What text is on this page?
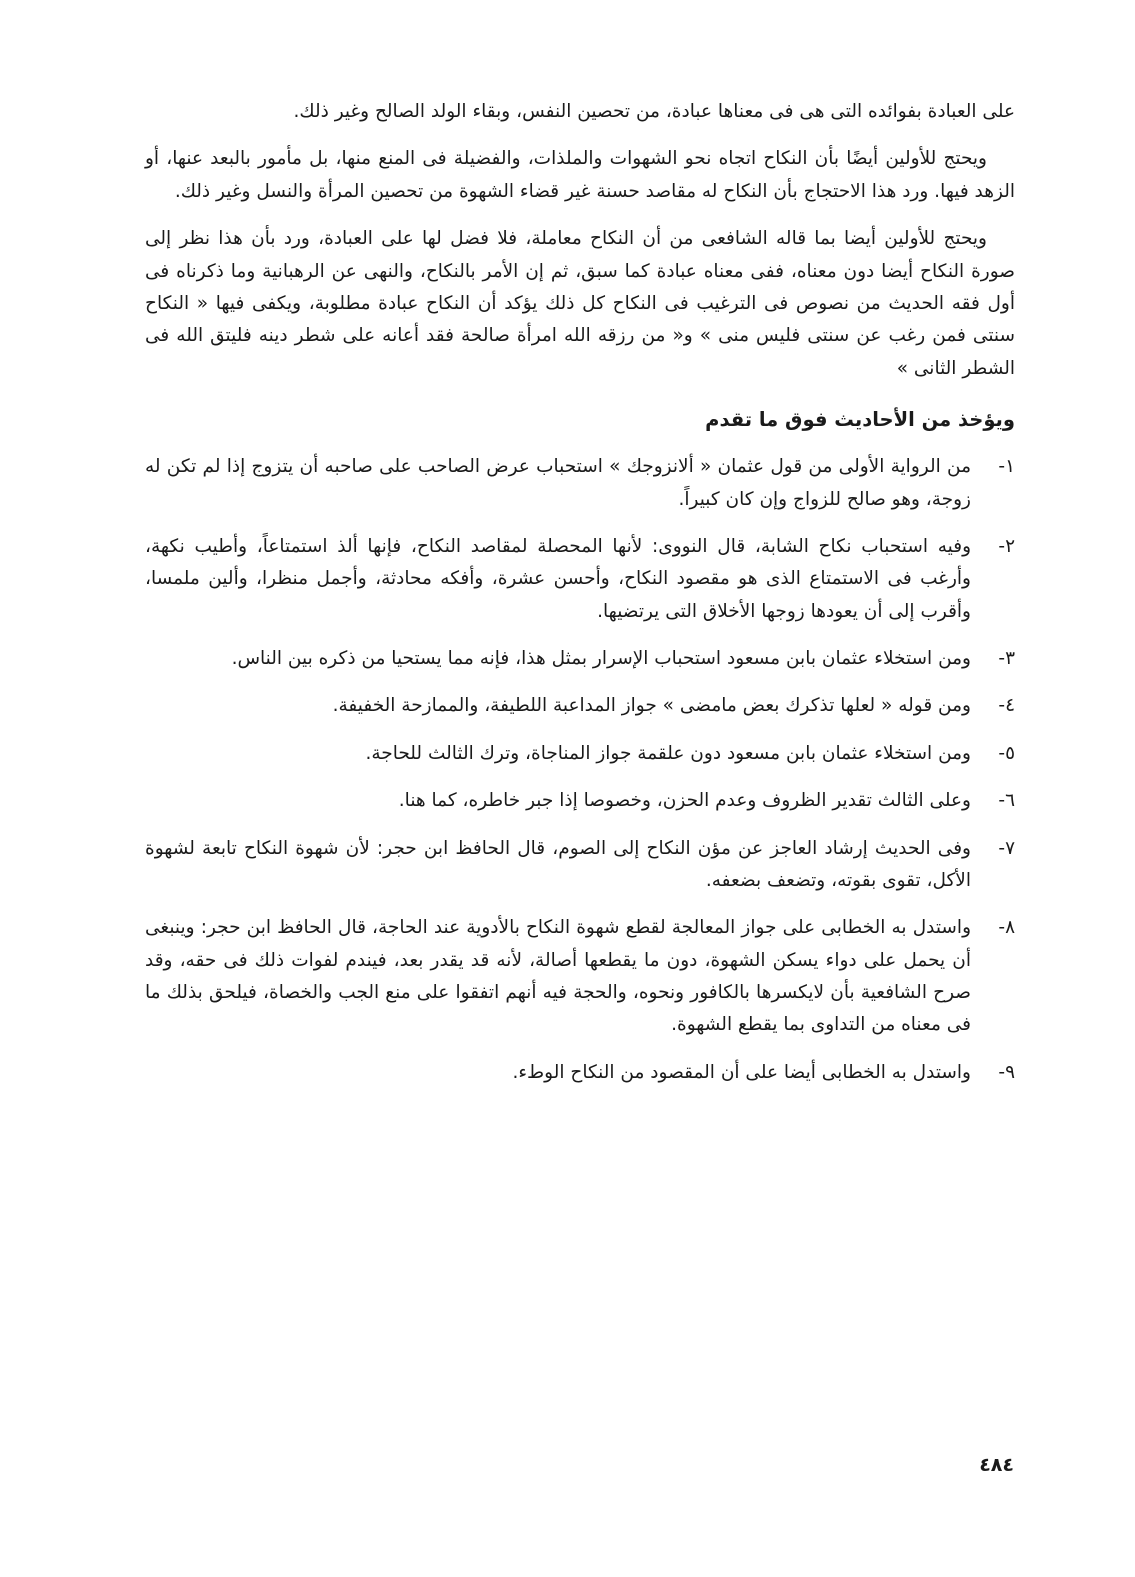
على العبادة بفوائده التى هى فى معناها عبادة، من تحصين النفس، وبقاء الولد الصالح وغير ذلك.

ويحتج للأولين أيضًا بأن النكاح اتجاه نحو الشهوات والملذات، والفضيلة فى المنع منها، بل مأمور بالبعد عنها، أو الزهد فيها. ورد هذا الاحتجاج بأن النكاح له مقاصد حسنة غير قضاء الشهوة من تحصين المرأة والنسل وغير ذلك.

ويحتج للأولين أيضا بما قاله الشافعى من أن النكاح معاملة، فلا فضل لها على العبادة، ورد بأن هذا نظر إلى صورة النكاح أيضا دون معناه، ففى معناه عبادة كما سبق، ثم إن الأمر بالنكاح، والنهى عن الرهبانية وما ذكرناه فى أول فقه الحديث من نصوص فى الترغيب فى النكاح كل ذلك يؤكد أن النكاح عبادة مطلوبة، ويكفى فيها « النكاح سنتى فمن رغب عن سنتى فليس منى » و« من رزقه الله امرأة صالحة فقد أعانه على شطر دينه فليتق الله فى الشطر الثانى »

ويؤخذ من الأحاديث فوق ما تقدم
١-
من الرواية الأولى من قول عثمان « ألانزوجك » استحباب عرض الصاحب على صاحبه أن يتزوج إذا لم تكن له زوجة، وهو صالح للزواج وإن كان كبيراً.
٢-
وفيه استحباب نكاح الشابة، قال النووى: لأنها المحصلة لمقاصد النكاح، فإنها ألذ استمتاعاً، وأطيب نكهة، وأرغب فى الاستمتاع الذى هو مقصود النكاح، وأحسن عشرة، وأفكه محادثة، وأجمل منظرا، وألين ملمسا، وأقرب إلى أن يعودها زوجها الأخلاق التى يرتضيها.
٣-
ومن استخلاء عثمان بابن مسعود استحباب الإسرار بمثل هذا، فإنه مما يستحيا من ذكره بين الناس.
٤-
ومن قوله « لعلها تذكرك بعض مامضى » جواز المداعبة اللطيفة، والممازحة الخفيفة.
٥-
ومن استخلاء عثمان بابن مسعود دون علقمة جواز المناجاة، وترك الثالث للحاجة.
٦-
وعلى الثالث تقدير الظروف وعدم الحزن، وخصوصا إذا جبر خاطره، كما هنا.
٧-
وفى الحديث إرشاد العاجز عن مؤن النكاح إلى الصوم، قال الحافظ ابن حجر: لأن شهوة النكاح تابعة لشهوة الأكل، تقوى بقوته، وتضعف بضعفه.
٨-
واستدل به الخطابى على جواز المعالجة لقطع شهوة النكاح بالأدوية عند الحاجة، قال الحافظ ابن حجر: وينبغى أن يحمل على دواء يسكن الشهوة، دون ما يقطعها أصالة، لأنه قد يقدر بعد، فيندم لفوات ذلك فى حقه، وقد صرح الشافعية بأن لايكسرها بالكافور ونحوه، والحجة فيه أنهم اتفقوا على منع الجب والخصاة، فيلحق بذلك ما فى معناه من التداوى بما يقطع الشهوة.
٩-
واستدل به الخطابى أيضا على أن المقصود من النكاح الوطء.
٤٨٤
